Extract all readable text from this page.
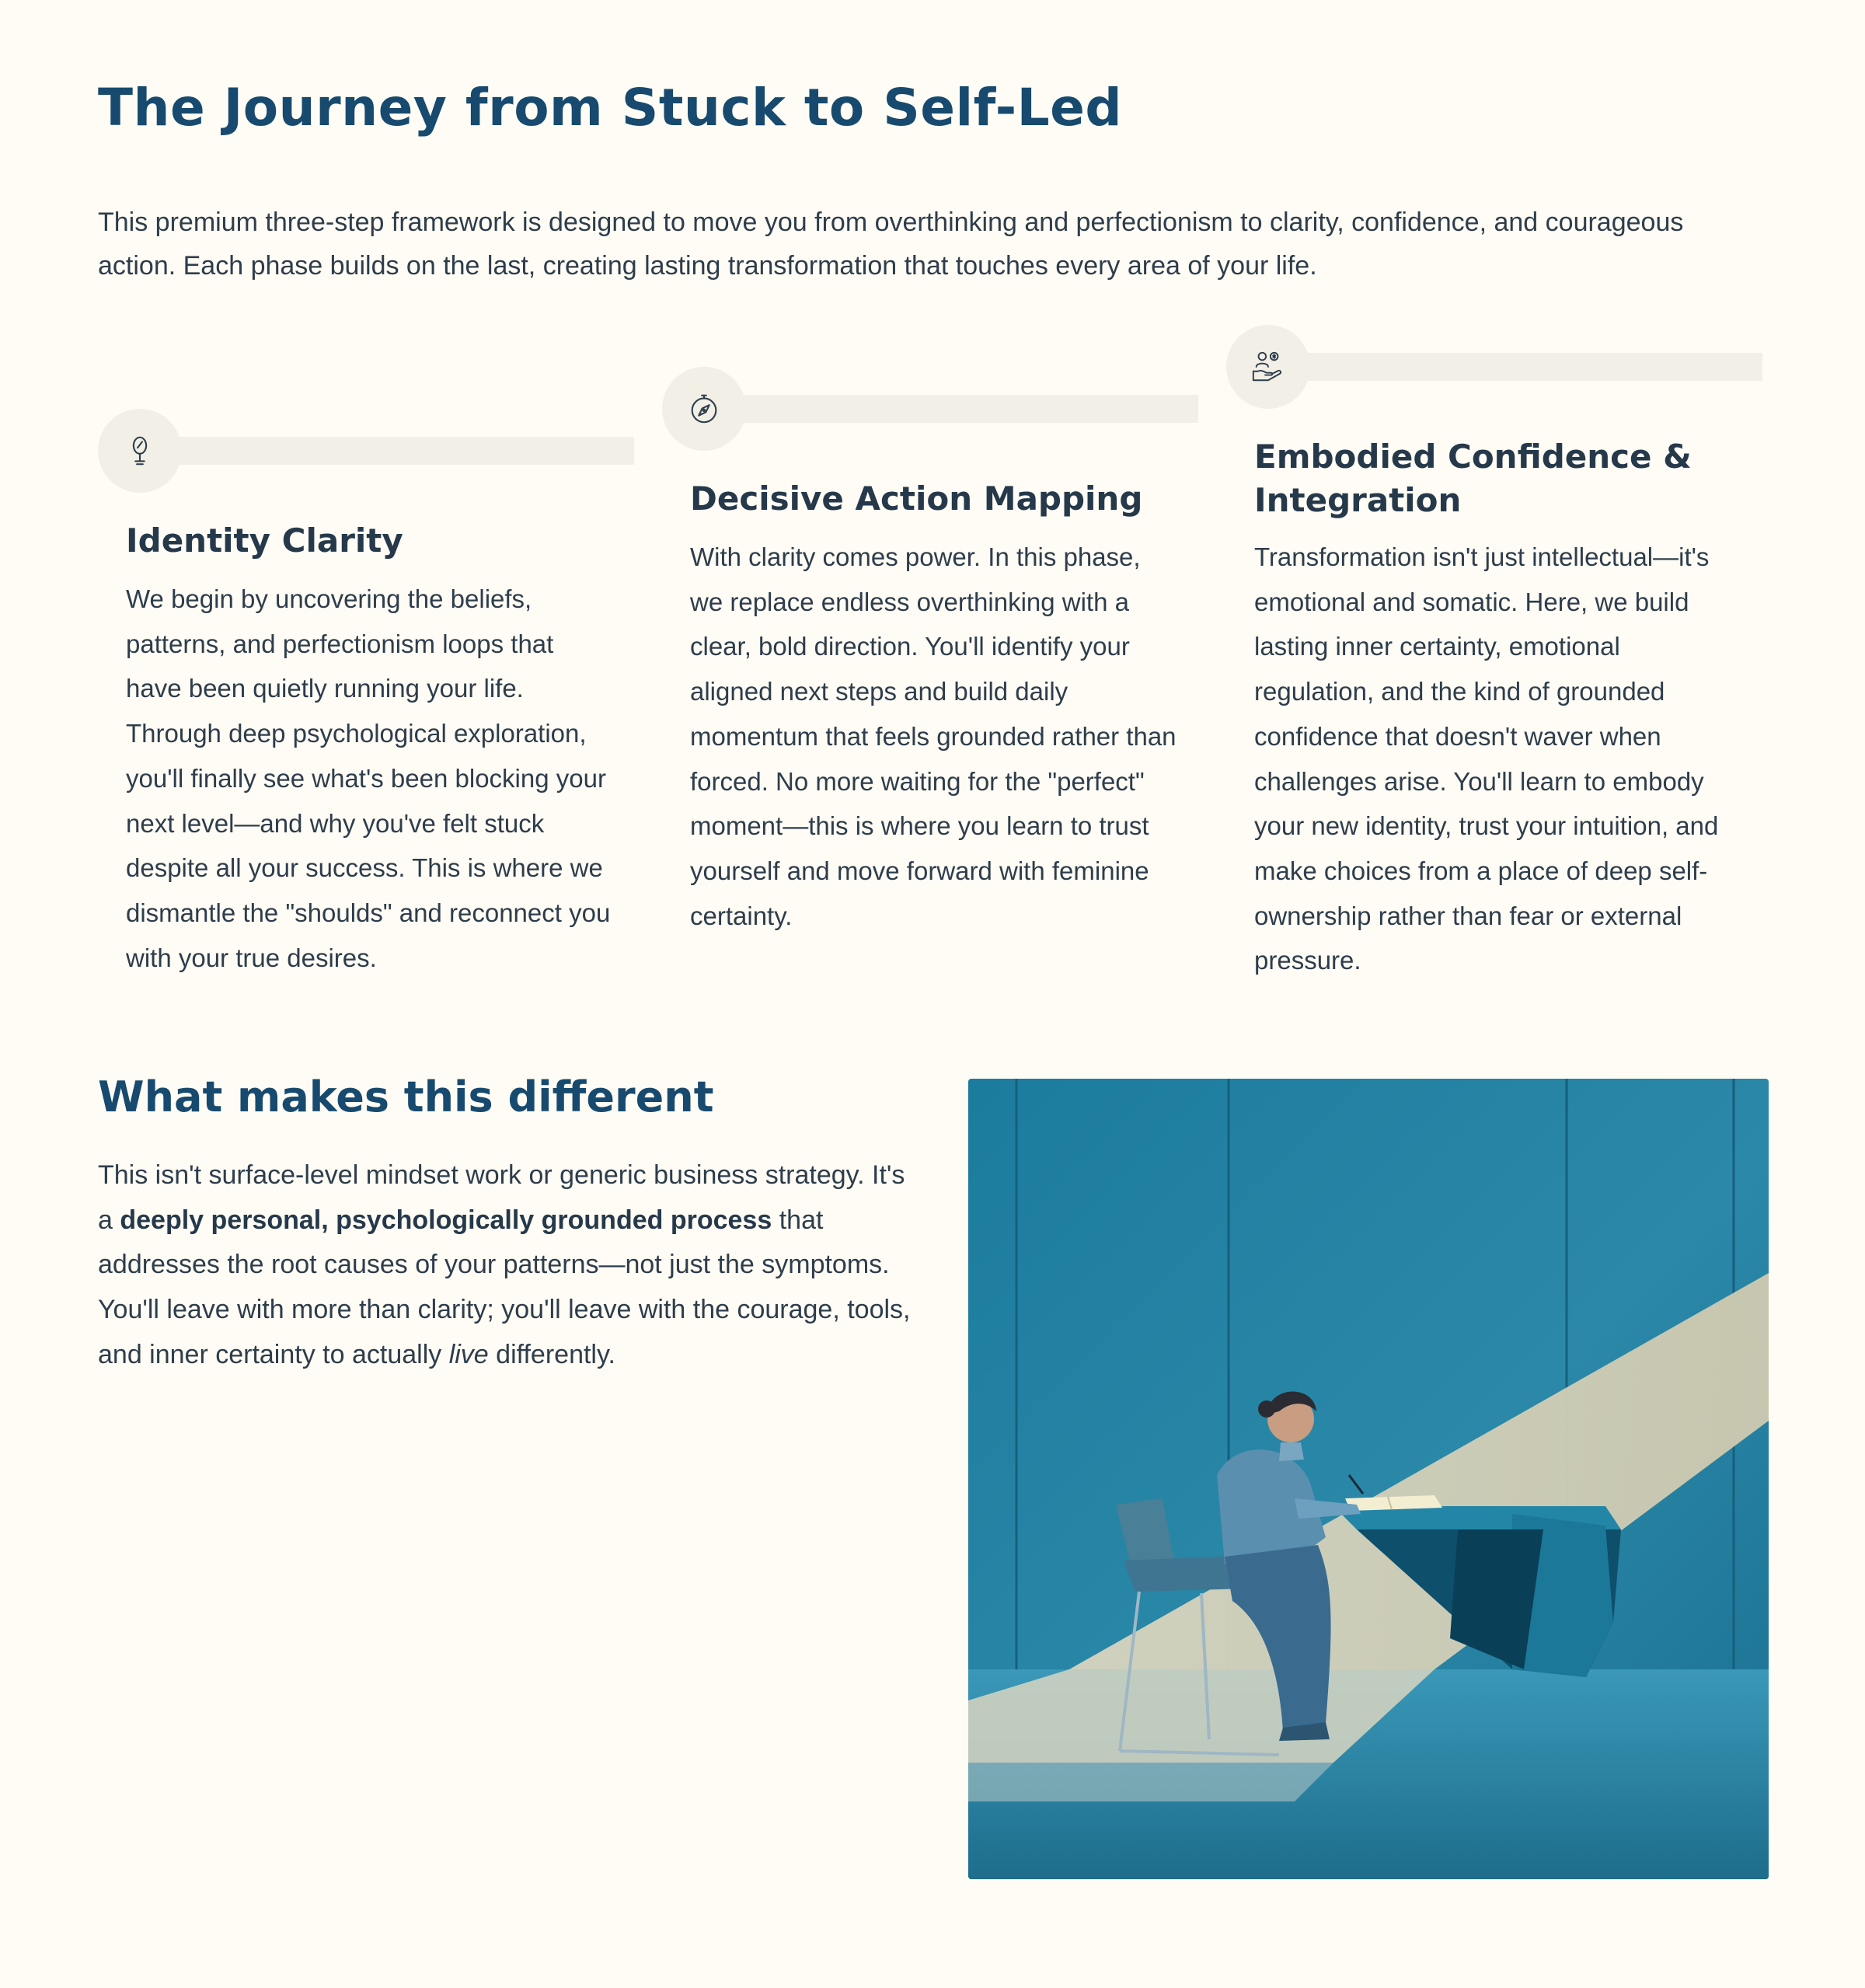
The Journey from Stuck to Self-Led

This premium three-step framework is designed to move you from overthinking and perfectionism to clarity, confidence, and courageous action. Each phase builds on the last, creating lasting transformation that touches every area of your life.

Identity Clarity

We begin by uncovering the beliefs, patterns, and perfectionism loops that have been quietly running your life. Through deep psychological exploration, you'll finally see what's been blocking your next level—and why you've felt stuck despite all your success. This is where we dismantle the "shoulds" and reconnect you with your true desires.

Decisive Action Mapping

With clarity comes power. In this phase, we replace endless overthinking with a clear, bold direction. You'll identify your aligned next steps and build daily momentum that feels grounded rather than forced. No more waiting for the "perfect" moment—this is where you learn to trust yourself and move forward with feminine certainty.

Embodied Confidence & Integration

Transformation isn't just intellectual—it's emotional and somatic. Here, we build lasting inner certainty, emotional regulation, and the kind of grounded confidence that doesn't waver when challenges arise. You'll learn to embody your new identity, trust your intuition, and make choices from a place of deep self-ownership rather than fear or external pressure.

What makes this different

This isn't surface-level mindset work or generic business strategy. It's a deeply personal, psychologically grounded process that addresses the root causes of your patterns—not just the symptoms. You'll leave with more than clarity; you'll leave with the courage, tools, and inner certainty to actually live differently.
